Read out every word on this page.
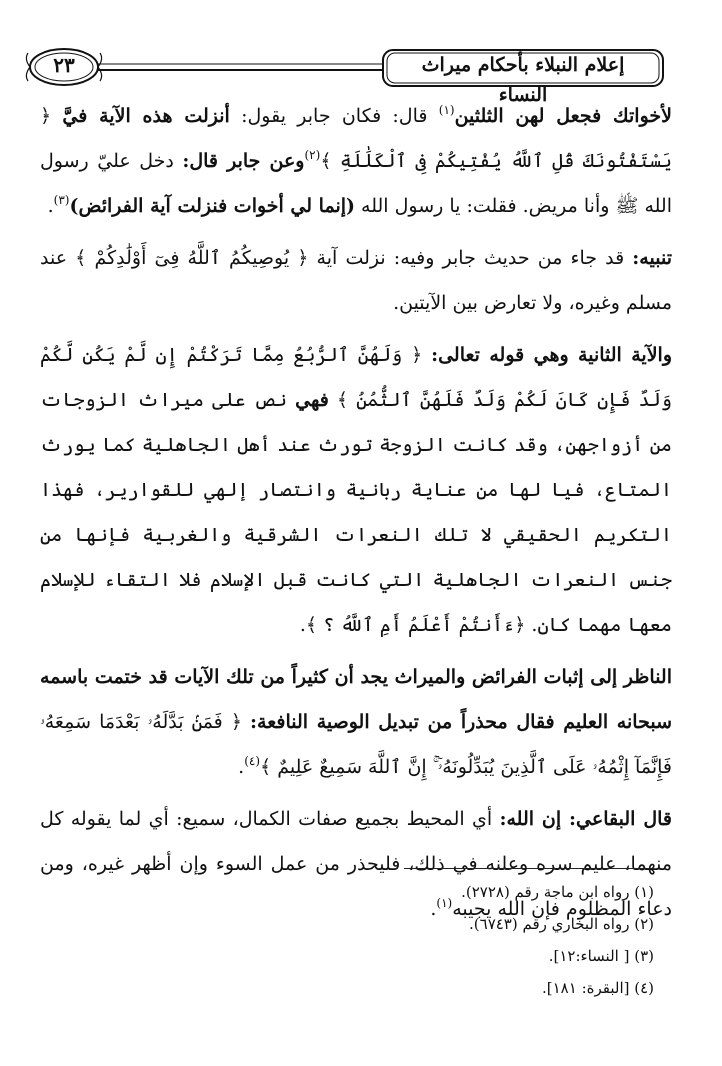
٢٣	إعلام النبلاء بأحكام ميراث النساء

لأخواتك فجعل لهن الثلثين$^{(١)}$ قال: فكان جابر يقول: أنزلت هذه الآية فيَّ ﴿ يَسْتَفْتُونَكَ قُلِ ٱللَّهُ يُفْتِيكُمْ فِى ٱلْكَلَٰلَةِ ﴾$^{(٢)}$وعن جابر قال: دخل عليّ رسول الله ﷺ وأنا مريض. فقلت: يا رسول الله (إنما لي أخوات فنزلت آية الفرائض)$^{(٣)}$.

تنبيه: قد جاء من حديث جابر وفيه: نزلت آية ﴿ يُوصِيكُمُ ٱللَّهُ فِىٓ أَوْلَٰدِكُمْ ﴾ عند مسلم وغيره، ولا تعارض بين الآيتين.

والآية الثانية وهي قوله تعالى: ﴿ وَلَهُنَّ ٱلرُّبُعُ مِمَّا تَرَكْتُمْ إِن لَّمْ يَكُن لَّكُمْ وَلَدٌ فَإِن كَانَ لَكُمْ وَلَدٌ فَلَهُنَّ ٱلثُّمُنُ ﴾ فهي نص على ميراث الزوجات من أزواجهن، وقد كانت الزوجة تورث عند أهل الجاهلية كما يورث المتاع، فيا لها من عناية ربانية وانتصار إلهي للقوارير، فهذا التكريم الحقيقي لا تلك النعرات الشرقية والغربية فإنها من جنس النعرات الجاهلية التي كانت قبل الإسلام فلا التقاء للإسلام معها مهما كان. ﴿ءَأَنتُمْ أَعْلَمُ أَمِ ٱللَّهُ ؟ ﴾.

الناظر إلى إثبات الفرائض والميراث يجد أن كثيراً من تلك الآيات قد ختمت باسمه سبحانه العليم فقال محذراً من تبديل الوصية النافعة: ﴿ فَمَنۢ بَدَّلَهُۥ بَعْدَمَا سَمِعَهُۥ فَإِنَّمَآ إِثْمُهُۥ عَلَى ٱلَّذِينَ يُبَدِّلُونَهُۥٓ ۚ إِنَّ ٱللَّهَ سَمِيعٌ عَلِيمٌ ﴾$^{(٤)}$.

قال البقاعي: إن الله: أي المحيط بجميع صفات الكمال، سميع: أي لما يقوله كل منهما، عليم سره وعلنه في ذلك، فليحذر من عمل السوء وإن أظهر غيره، ومن دعاء المظلوم فإن الله يجيبه$^{(١)}$.

(١) رواه ابن ماجة رقم (٢٧٢٨).

(٢) رواه البخاري رقم (٦٧٤٣).

(٣) [ النساء:١٢].

(٤) [البقرة: ١٨١].
